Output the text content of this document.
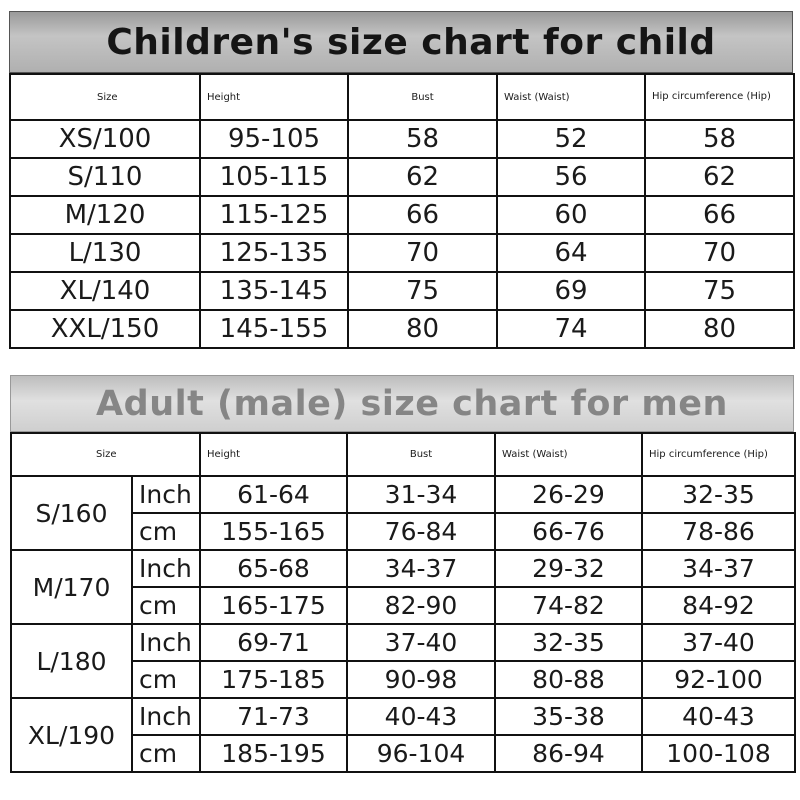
Children's size chart for child
Size	Height	Bust	Waist (Waist)	Hip circumference (Hip)
XS/100	95-105	58	52	58
S/110	105-115	62	56	62
M/120	115-125	66	60	66
L/130	125-135	70	64	70
XL/140	135-145	75	69	75
XXL/150	145-155	80	74	80
Adult (male) size chart for men
Size		Height	Bust	Waist (Waist)	Hip circumference (Hip)
S/160	Inch	61-64	31-34	26-29	32-35
	cm	155-165	76-84	66-76	78-86
M/170	Inch	65-68	34-37	29-32	34-37
	cm	165-175	82-90	74-82	84-92
L/180	Inch	69-71	37-40	32-35	37-40
	cm	175-185	90-98	80-88	92-100
XL/190	Inch	71-73	40-43	35-38	40-43
	cm	185-195	96-104	86-94	100-108
